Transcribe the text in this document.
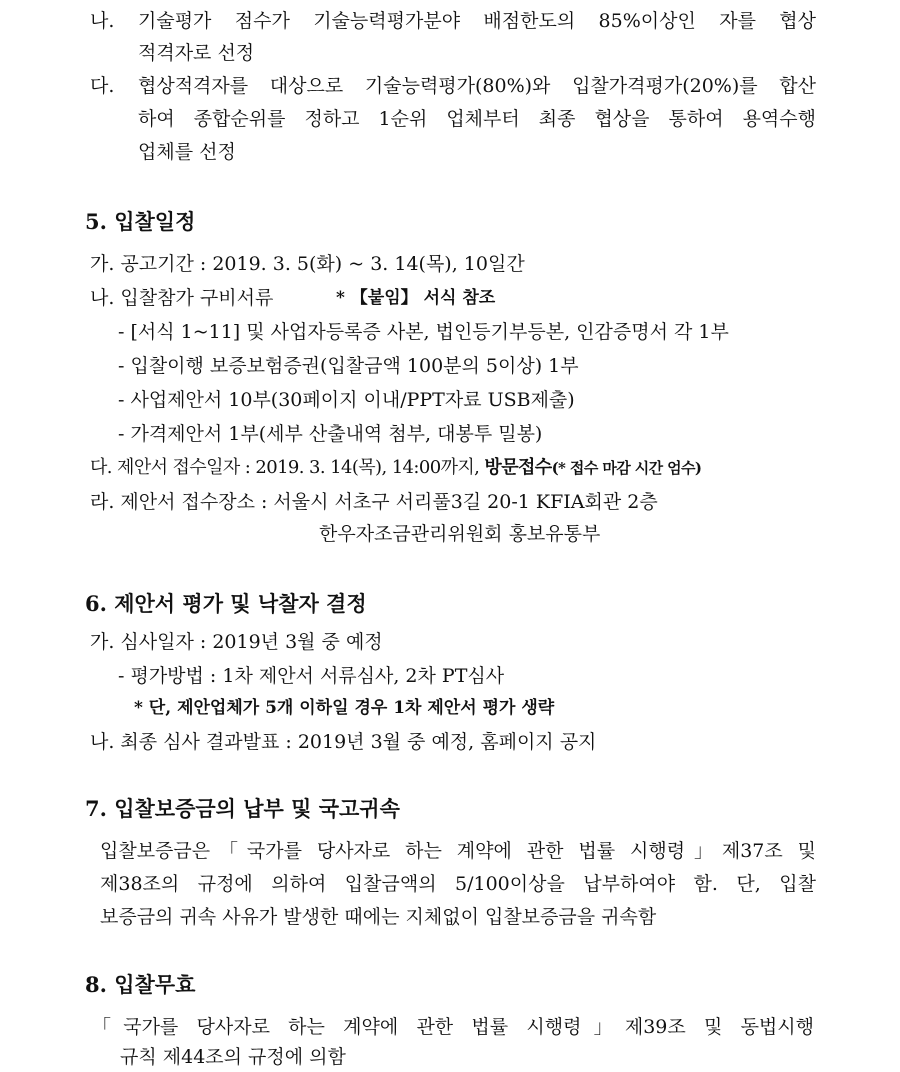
나. 기술평가 점수가 기술능력평가분야 배점한도의 85%이상인 자를 협상
적격자로 선정
다. 협상적격자를 대상으로 기술능력평가(80%)와 입찰가격평가(20%)를 합산
하여 종합순위를 정하고 1순위 업체부터 최종 협상을 통하여 용역수행
업체를 선정
5. 입찰일정
가. 공고기간 : 2019. 3. 5(화) ~ 3. 14(목), 10일간
나. 입찰참가 구비서류	* 【붙임】 서식 참조
- [서식 1~11] 및 사업자등록증 사본, 법인등기부등본, 인감증명서 각 1부
- 입찰이행 보증보험증권(입찰금액 100분의 5이상) 1부
- 사업제안서 10부(30페이지 이내/PPT자료 USB제출)
- 가격제안서 1부(세부 산출내역 첨부, 대봉투 밀봉)
다. 제안서 접수일자 : 2019. 3. 14(목), 14:00까지, 방문접수(* 접수 마감 시간 엄수)
라. 제안서 접수장소 : 서울시 서초구 서리풀3길 20-1 KFIA회관 2층
한우자조금관리위원회 홍보유통부
6. 제안서 평가 및 낙찰자 결정
가. 심사일자 : 2019년 3월 중 예정
- 평가방법 : 1차 제안서 서류심사, 2차 PT심사
* 단, 제안업체가 5개 이하일 경우 1차 제안서 평가 생략
나. 최종 심사 결과발표 : 2019년 3월 중 예정, 홈페이지 공지
7. 입찰보증금의 납부 및 국고귀속
입찰보증금은「국가를 당사자로 하는 계약에 관한 법률 시행령」제37조 및
제38조의 규정에 의하여 입찰금액의 5/100이상을 납부하여야 함. 단, 입찰
보증금의 귀속 사유가 발생한 때에는 지체없이 입찰보증금을 귀속함
8. 입찰무효
「국가를 당사자로 하는 계약에 관한 법률 시행령」제39조 및 동법시행
규칙 제44조의 규정에 의함
